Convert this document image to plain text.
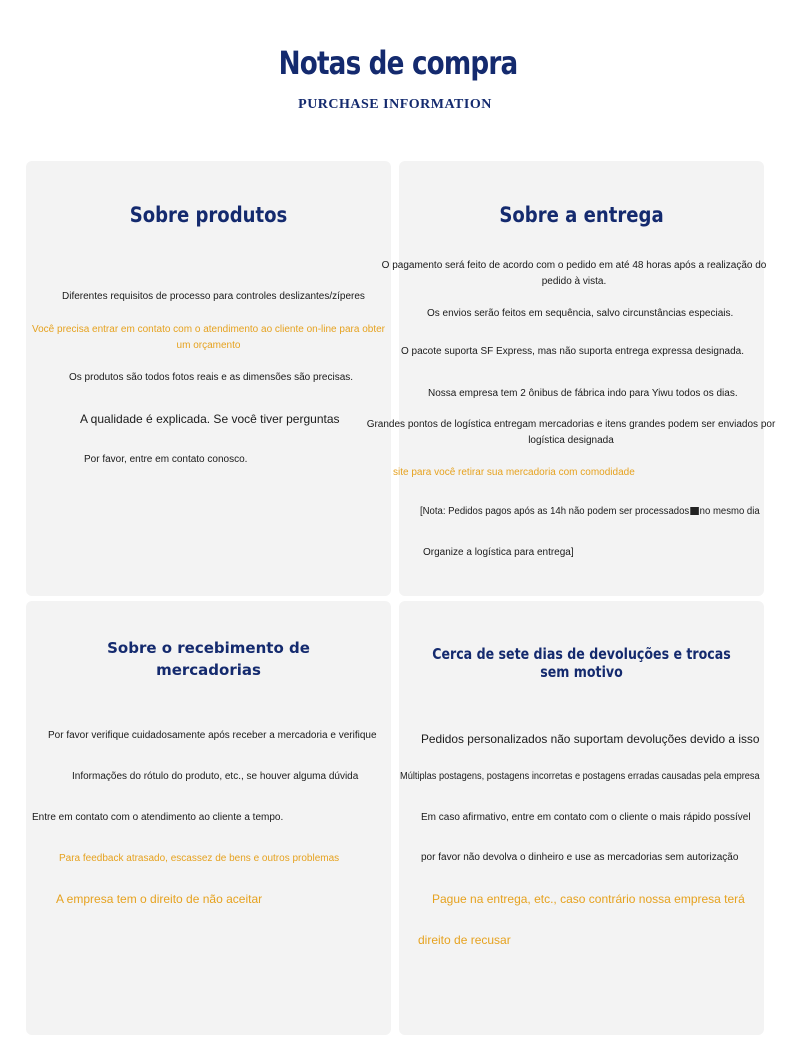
Notas de compra
PURCHASE INFORMATION
Sobre produtos
Diferentes requisitos de processo para controles deslizantes/zíperes
Você precisa entrar em contato com o atendimento ao cliente on-line para obter um orçamento
Os produtos são todos fotos reais e as dimensões são precisas.
A qualidade é explicada. Se você tiver perguntas
Por favor, entre em contato conosco.
Sobre a entrega
O pagamento será feito de acordo com o pedido em até 48 horas após a realização do pedido à vista.
Os envios serão feitos em sequência, salvo circunstâncias especiais.
O pacote suporta SF Express, mas não suporta entrega expressa designada.
Nossa empresa tem 2 ônibus de fábrica indo para Yiwu todos os dias.
Grandes pontos de logística entregam mercadorias e itens grandes podem ser enviados por logística designada
site para você retirar sua mercadoria com comodidade
[Nota: Pedidos pagos após as 14h não podem ser processados no mesmo dia
Organize a logística para entrega]
Sobre o recebimento de
mercadorias
Por favor verifique cuidadosamente após receber a mercadoria e verifique
Informações do rótulo do produto, etc., se houver alguma dúvida
Entre em contato com o atendimento ao cliente a tempo.
Para feedback atrasado, escassez de bens e outros problemas
A empresa tem o direito de não aceitar
Cerca de sete dias de devoluções e trocas sem motivo
Pedidos personalizados não suportam devoluções devido a isso
Múltiplas postagens, postagens incorretas e postagens erradas causadas pela empresa
Em caso afirmativo, entre em contato com o cliente o mais rápido possível
por favor não devolva o dinheiro e use as mercadorias sem autorização
Pague na entrega, etc., caso contrário nossa empresa terá
direito de recusar
